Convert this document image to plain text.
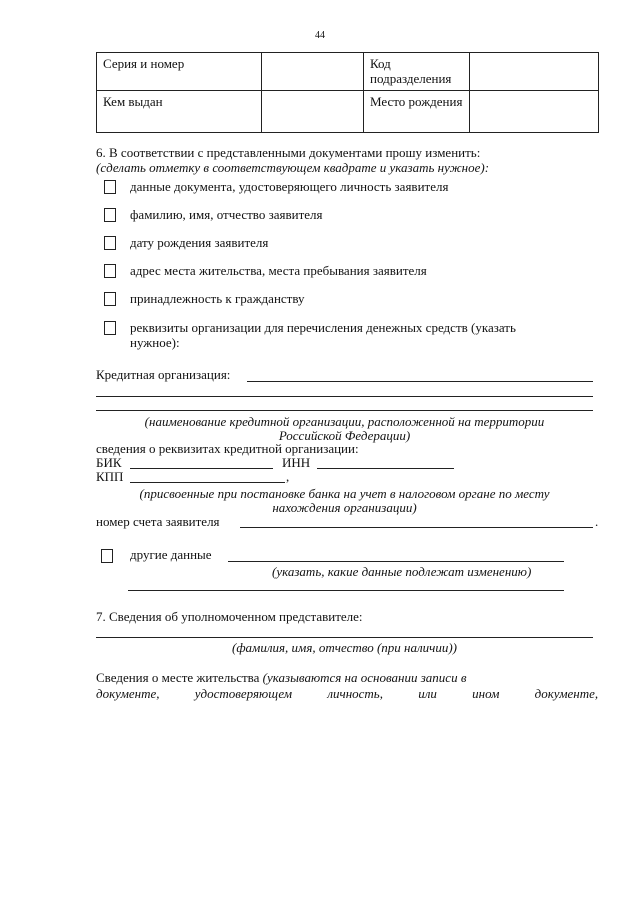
44
Серия и номер		Код подразделения	
Кем выдан		Место рождения	
6. В соответствии с представленными документами прошу изменить:
(сделать отметку в соответствующем квадрате и указать нужное):
данные документа, удостоверяющего личность заявителя
фамилию, имя, отчество заявителя
дату рождения заявителя
адрес места жительства, места пребывания заявителя
принадлежность к гражданству
реквизиты организации для перечисления денежных средств (указать
нужное):
Кредитная организация:
(наименование кредитной организации, расположенной на территории
Российской Федерации)
сведения о реквизитах кредитной организации:
БИК	ИНН
КПП	,
(присвоенные при постановке банка на учет в налоговом органе по месту
нахождения организации)
номер счета заявителя	.
другие данные
(указать, какие данные подлежат изменению)
7. Сведения об уполномоченном представителе:
(фамилия, имя, отчество (при наличии))
Сведения о месте жительства (указываются на основании записи в
документе, удостоверяющем личность, или ином документе,
